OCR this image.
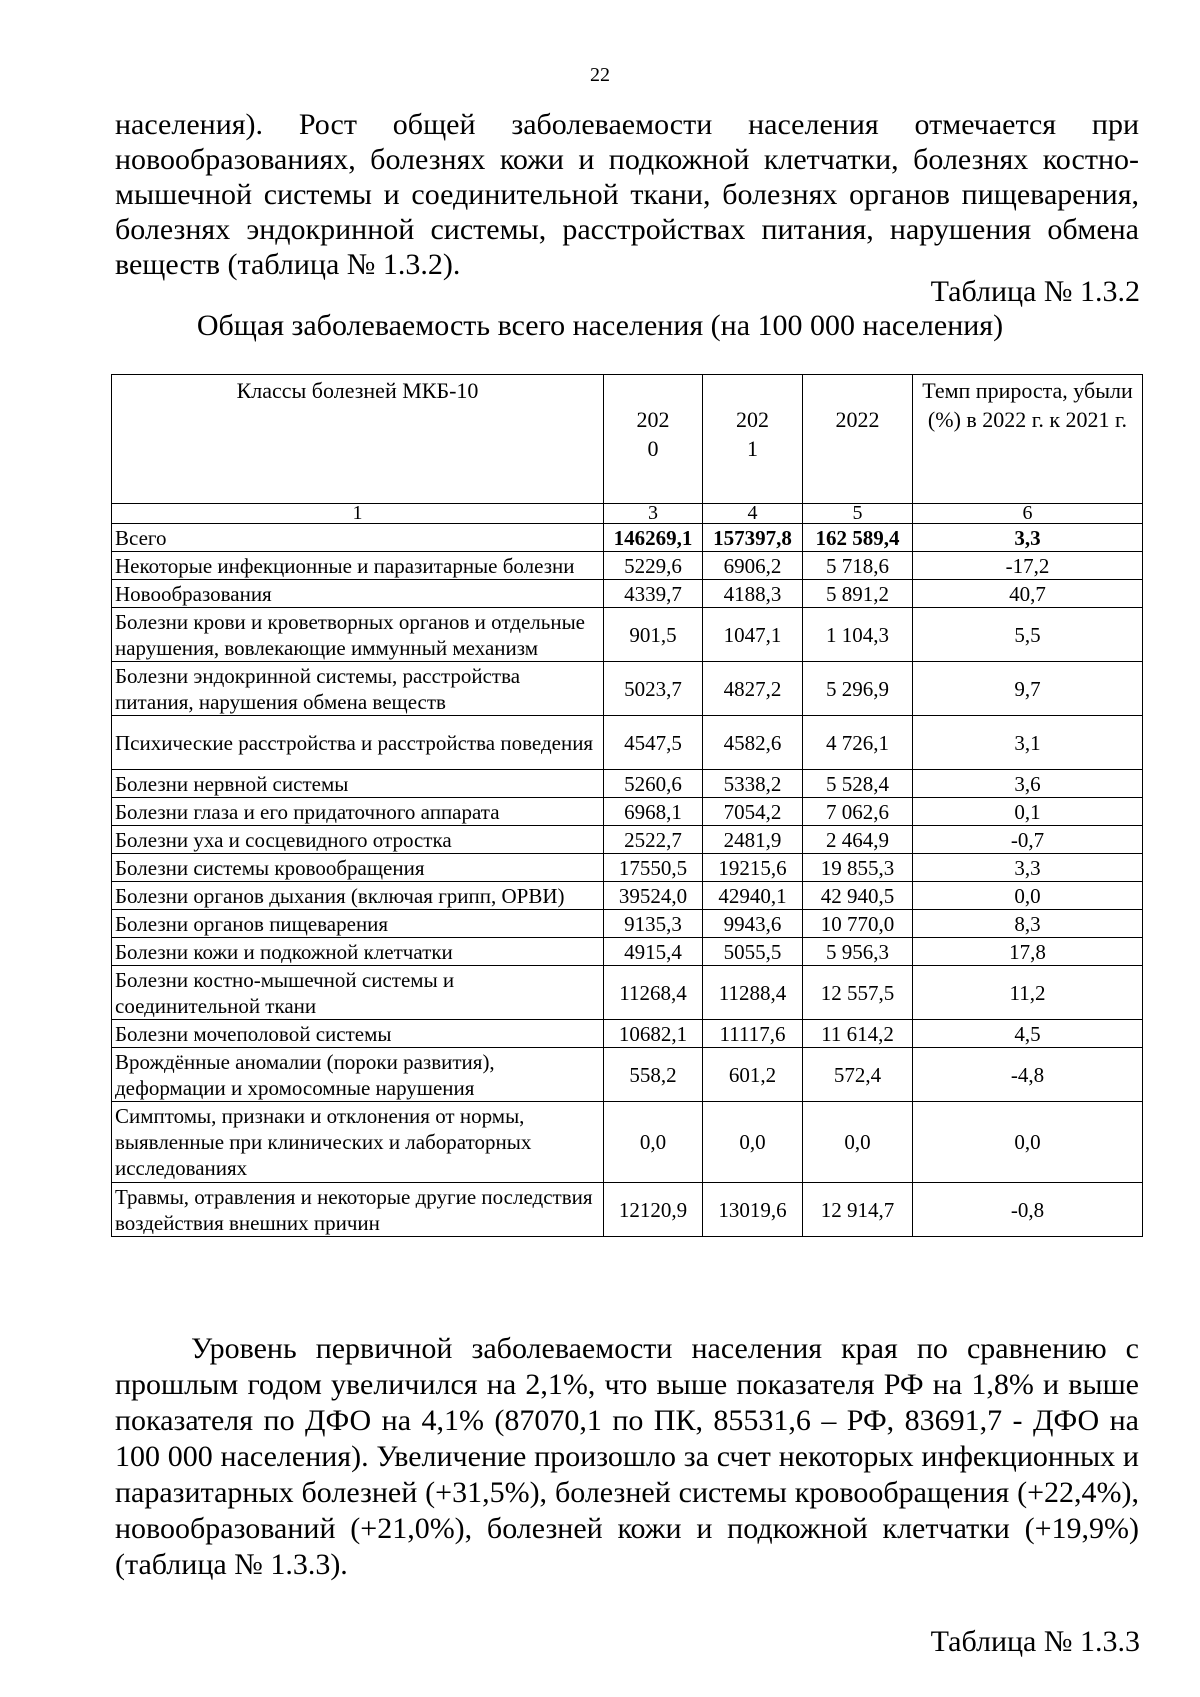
22

населения). Рост общей заболеваемости населения отмечается при новообразованиях, болезнях кожи и подкожной клетчатки, болезнях костно-мышечной системы и соединительной ткани, болезнях органов пищеварения, болезнях эндокринной системы, расстройствах питания, нарушения обмена веществ (таблица № 1.3.2).

Таблица № 1.3.2
Общая заболеваемость всего населения (на 100 000 населения)
Классы болезней МКБ-10	202 0	202 1	2022	Темп прироста, убыли (%) в 2022 г. к 2021 г.
1	3	4	5	6
Всего	146269,1	157397,8	162 589,4	3,3
Некоторые инфекционные и паразитарные болезни	5229,6	6906,2	5 718,6	-17,2
Новообразования	4339,7	4188,3	5 891,2	40,7
Болезни крови и кроветворных органов и отдельные нарушения, вовлекающие иммунный механизм	901,5	1047,1	1 104,3	5,5
Болезни эндокринной системы, расстройства питания, нарушения обмена веществ	5023,7	4827,2	5 296,9	9,7
Психические расстройства и расстройства поведения	4547,5	4582,6	4 726,1	3,1
Болезни нервной системы	5260,6	5338,2	5 528,4	3,6
Болезни глаза и его придаточного аппарата	6968,1	7054,2	7 062,6	0,1
Болезни уха и сосцевидного отростка	2522,7	2481,9	2 464,9	-0,7
Болезни системы кровообращения	17550,5	19215,6	19 855,3	3,3
Болезни органов дыхания (включая грипп, ОРВИ)	39524,0	42940,1	42 940,5	0,0
Болезни органов пищеварения	9135,3	9943,6	10 770,0	8,3
Болезни кожи и подкожной клетчатки	4915,4	5055,5	5 956,3	17,8
Болезни костно-мышечной системы и соединительной ткани	11268,4	11288,4	12 557,5	11,2
Болезни мочеполовой системы	10682,1	11117,6	11 614,2	4,5
Врождённые аномалии (пороки развития), деформации и хромосомные нарушения	558,2	601,2	572,4	-4,8
Симптомы, признаки и отклонения от нормы, выявленные при клинических и лабораторных исследованиях	0,0	0,0	0,0	0,0
Травмы, отравления и некоторые другие последствия воздействия внешних причин	12120,9	13019,6	12 914,7	-0,8

Уровень первичной заболеваемости населения края по сравнению с прошлым годом увеличился на 2,1%, что выше показателя РФ на 1,8% и выше показателя по ДФО на 4,1% (87070,1 по ПК, 85531,6 – РФ, 83691,7 - ДФО на 100 000 населения). Увеличение произошло за счет некоторых инфекционных и паразитарных болезней (+31,5%), болезней системы кровообращения (+22,4%), новообразований (+21,0%), болезней кожи и подкожной клетчатки (+19,9%) (таблица № 1.3.3).

Таблица № 1.3.3
